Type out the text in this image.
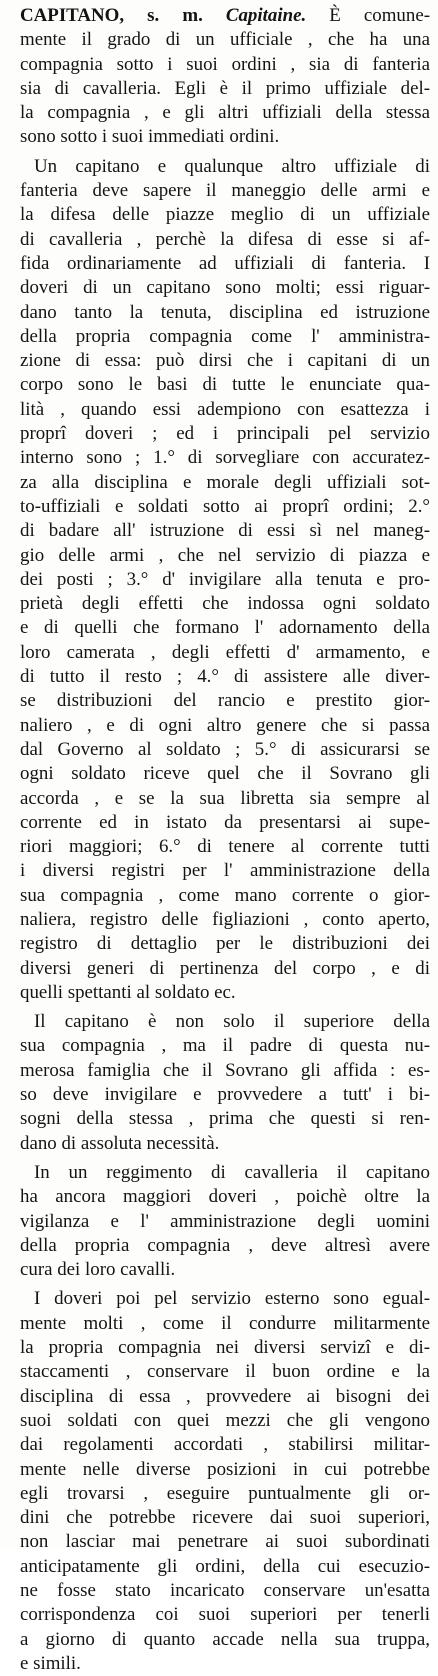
CAPITANO, s. m. Capitaine. È comune-
mente il grado di un ufficiale , che ha una
compagnia sotto i suoi ordini , sia di fanteria
sia di cavalleria. Egli è il primo uffiziale del-
la compagnia , e gli altri uffiziali della stessa
sono sotto i suoi immediati ordini.
Un capitano e qualunque altro uffiziale di
fanteria deve sapere il maneggio delle armi e
la difesa delle piazze meglio di un uffiziale
di cavalleria , perchè la difesa di esse si af-
fida ordinariamente ad uffiziali di fanteria. I
doveri di un capitano sono molti; essi riguar-
dano tanto la tenuta, disciplina ed istruzione
della propria compagnia come l' amministra-
zione di essa: può dirsi che i capitani di un
corpo sono le basi di tutte le enunciate qua-
lità , quando essi adempiono con esattezza i
proprî doveri ; ed i principali pel servizio
interno sono ; 1.° di sorvegliare con accuratez-
za alla disciplina e morale degli uffiziali sot-
to-uffiziali e soldati sotto ai proprî ordini; 2.°
di badare all' istruzione di essi sì nel maneg-
gio delle armi , che nel servizio di piazza e
dei posti ; 3.° d' invigilare alla tenuta e pro-
prietà degli effetti che indossa ogni soldato
e di quelli che formano l' adornamento della
loro camerata , degli effetti d' armamento, e
di tutto il resto ; 4.° di assistere alle diver-
se distribuzioni del rancio e prestito gior-
naliero , e di ogni altro genere che si passa
dal Governo al soldato ; 5.° di assicurarsi se
ogni soldato riceve quel che il Sovrano gli
accorda , e se la sua libretta sia sempre al
corrente ed in istato da presentarsi ai supe-
riori maggiori; 6.° di tenere al corrente tutti
i diversi registri per l' amministrazione della
sua compagnia , come mano corrente o gior-
naliera, registro delle figliazioni , conto aperto,
registro di dettaglio per le distribuzioni dei
diversi generi di pertinenza del corpo , e di
quelli spettanti al soldato ec.
Il capitano è non solo il superiore della
sua compagnia , ma il padre di questa nu-
merosa famiglia che il Sovrano gli affida : es-
so deve invigilare e provvedere a tutt' i bi-
sogni della stessa , prima che questi si ren-
dano di assoluta necessità.
In un reggimento di cavalleria il capitano
ha ancora maggiori doveri , poichè oltre la
vigilanza e l' amministrazione degli uomini
della propria compagnia , deve altresì avere
cura dei loro cavalli.
I doveri poi pel servizio esterno sono egual-
mente molti , come il condurre militarmente
la propria compagnia nei diversi servizî e di-
staccamenti , conservare il buon ordine e la
disciplina di essa , provvedere ai bisogni dei
suoi soldati con quei mezzi che gli vengono
dai regolamenti accordati , stabilirsi militar-
mente nelle diverse posizioni in cui potrebbe
egli trovarsi , eseguire puntualmente gli or-
dini che potrebbe ricevere dai suoi superiori,
non lasciar mai penetrare ai suoi subordinati
anticipatamente gli ordini, della cui esecuzio-
ne fosse stato incaricato conservare un'esatta
corrispondenza coi suoi superiori per tenerli
a giorno di quanto accade nella sua truppa,
e simili.
